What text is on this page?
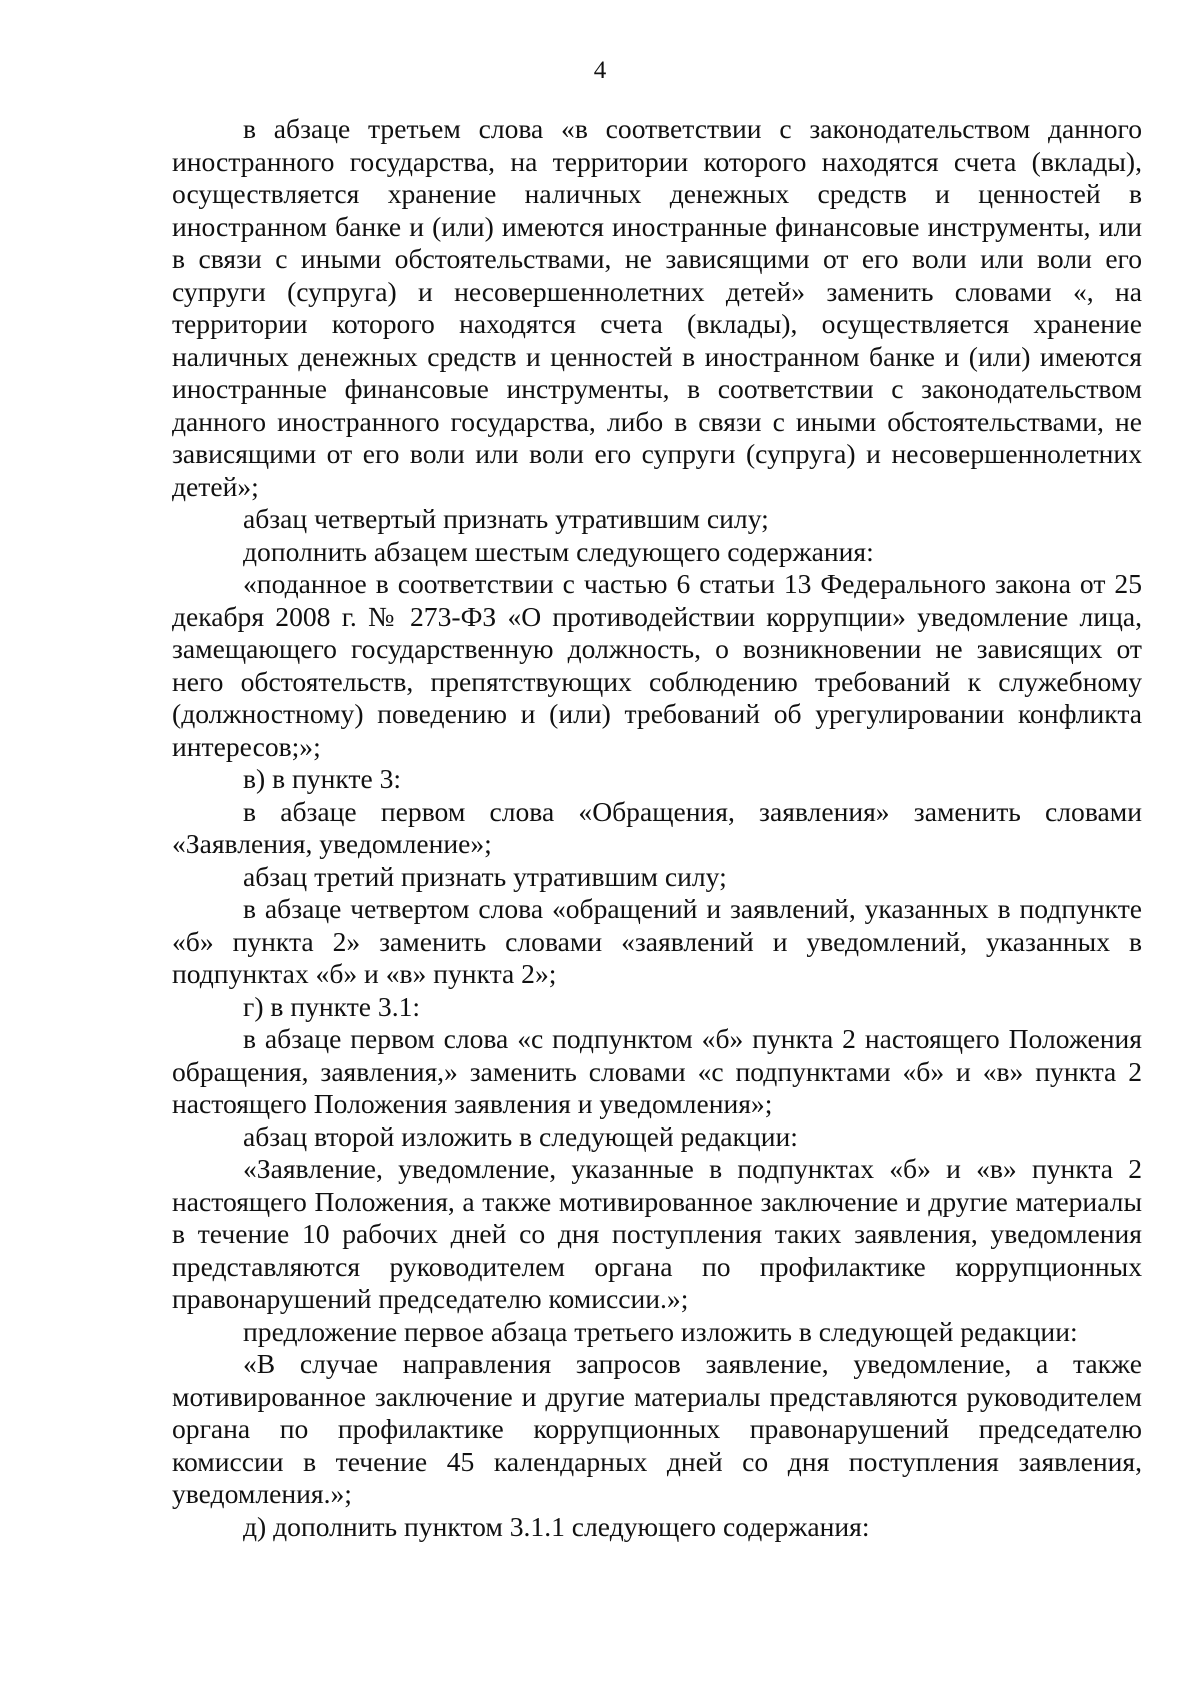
4

в абзаце третьем слова «в соответствии с законодательством данного иностранного государства, на территории которого находятся счета (вклады), осуществляется хранение наличных денежных средств и ценностей в иностранном банке и (или) имеются иностранные финансовые инструменты, или в связи с иными обстоятельствами, не зависящими от его воли или воли его супруги (супруга) и несовершеннолетних детей» заменить словами «, на территории которого находятся счета (вклады), осуществляется хранение наличных денежных средств и ценностей в иностранном банке и (или) имеются иностранные финансовые инструменты, в соответствии с законодательством данного иностранного государства, либо в связи с иными обстоятельствами, не зависящими от его воли или воли его супруги (супруга) и несовершеннолетних детей»;

абзац четвертый признать утратившим силу;

дополнить абзацем шестым следующего содержания:

«поданное в соответствии с частью 6 статьи 13 Федерального закона от 25 декабря 2008 г. № 273-ФЗ «О противодействии коррупции» уведомление лица, замещающего государственную должность, о возникновении не зависящих от него обстоятельств, препятствующих соблюдению требований к служебному (должностному) поведению и (или) требований об урегулировании конфликта интересов;»;

в) в пункте 3:

в абзаце первом слова «Обращения, заявления» заменить словами «Заявления, уведомление»;

абзац третий признать утратившим силу;

в абзаце четвертом слова «обращений и заявлений, указанных в подпункте «б» пункта 2» заменить словами «заявлений и уведомлений, указанных в подпунктах «б» и «в» пункта 2»;

г) в пункте 3.1:

в абзаце первом слова «с подпунктом «б» пункта 2 настоящего Положения обращения, заявления,» заменить словами «с подпунктами «б» и «в» пункта 2 настоящего Положения заявления и уведомления»;

абзац второй изложить в следующей редакции:

«Заявление, уведомление, указанные в подпунктах «б» и «в» пункта 2 настоящего Положения, а также мотивированное заключение и другие материалы в течение 10 рабочих дней со дня поступления таких заявления, уведомления представляются руководителем органа по профилактике коррупционных правонарушений председателю комиссии.»;

предложение первое абзаца третьего изложить в следующей редакции:

«В случае направления запросов заявление, уведомление, а также мотивированное заключение и другие материалы представляются руководителем органа по профилактике коррупционных правонарушений председателю комиссии в течение 45 календарных дней со дня поступления заявления, уведомления.»;

д) дополнить пунктом 3.1.1 следующего содержания:
